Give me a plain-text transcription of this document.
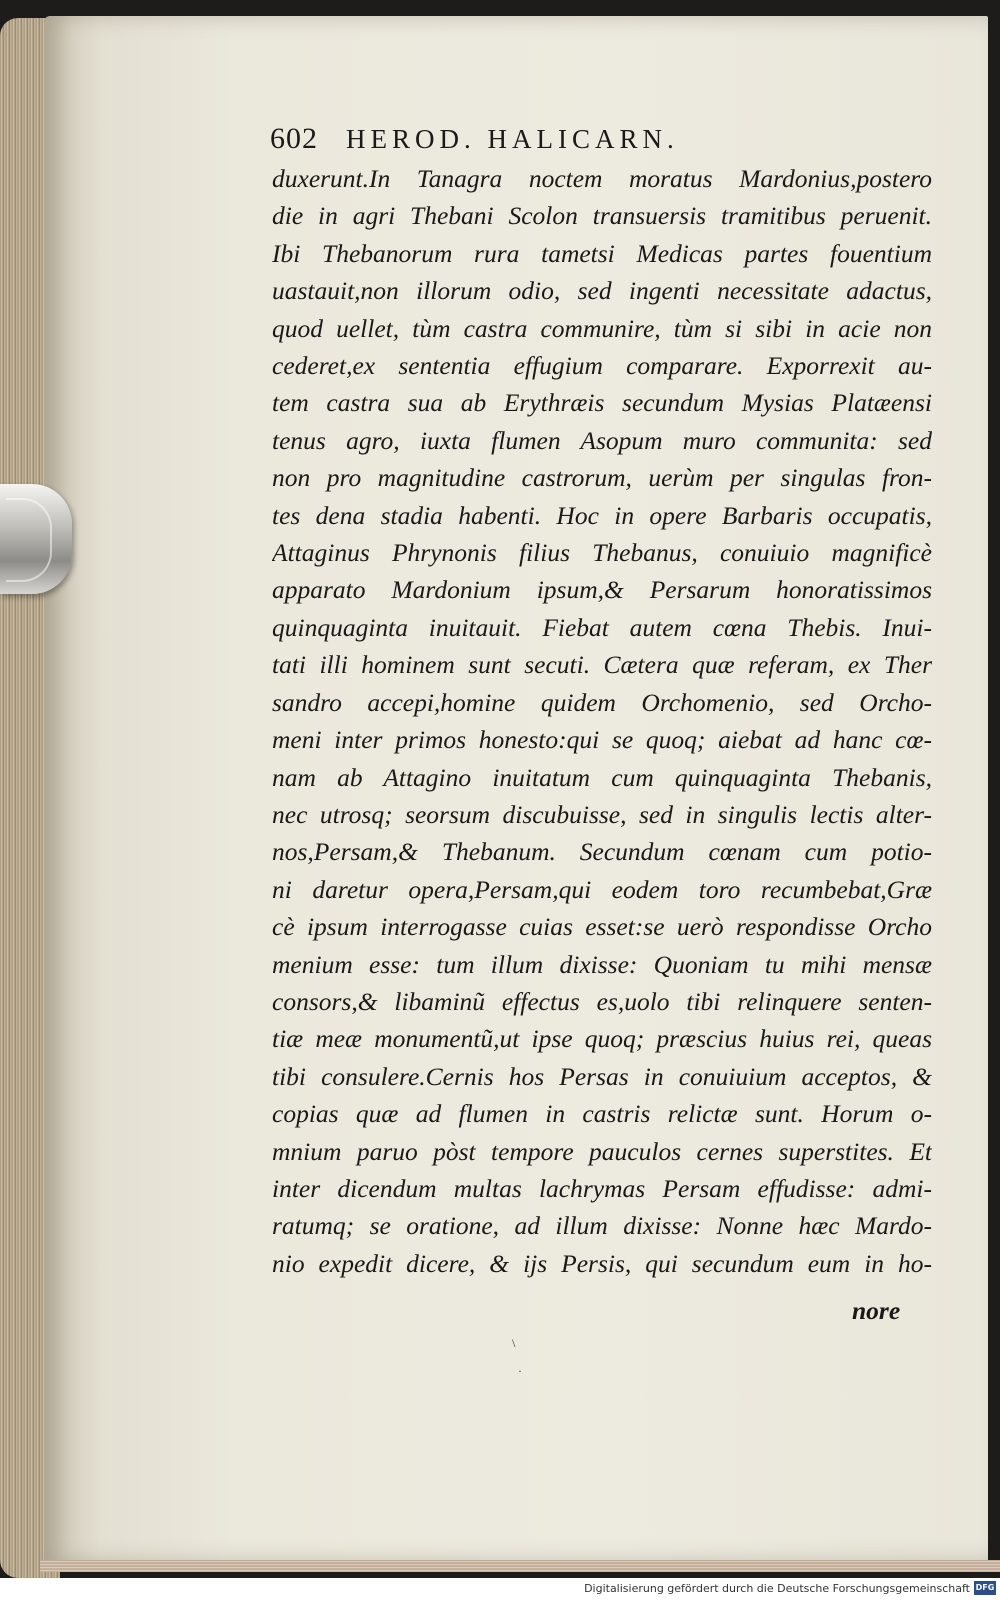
602 HEROD. HALICARN.
duxerunt.In Tanagra noctem moratus Mardonius,postero
die in agri Thebani Scolon transuersis tramitibus peruenit.
Ibi Thebanorum rura tametsi Medicas partes fouentium
uastauit,non illorum odio, sed ingenti necessitate adactus,
quod uellet, tùm castra communire, tùm si sibi in acie non
cederet,ex sententia effugium comparare. Exporrexit au-
tem castra sua ab Erythræis secundum Mysias Platæensi
tenus agro, iuxta flumen Asopum muro communita: sed
non pro magnitudine castrorum, uerùm per singulas fron-
tes dena stadia habenti. Hoc in opere Barbaris occupatis,
Attaginus Phrynonis filius Thebanus, conuiuio magnificè
apparato Mardonium ipsum,& Persarum honoratissimos
quinquaginta inuitauit. Fiebat autem cœna Thebis. Inui-
tati illi hominem sunt secuti. Cætera quæ referam, ex Ther
sandro accepi,homine quidem Orchomenio, sed Orcho-
meni inter primos honesto:qui se quoq; aiebat ad hanc cœ-
nam ab Attagino inuitatum cum quinquaginta Thebanis,
nec utrosq; seorsum discubuisse, sed in singulis lectis alter-
nos,Persam,& Thebanum. Secundum cœnam cum potio-
ni daretur opera,Persam,qui eodem toro recumbebat,Græ
cè ipsum interrogasse cuias esset:se uerò respondisse Orcho
menium esse: tum illum dixisse: Quoniam tu mihi mensæ
consors,& libaminũ effectus es,uolo tibi relinquere senten-
tiæ meæ monumentũ,ut ipse quoq; præscius huius rei, queas
tibi consulere.Cernis hos Persas in conuiuium acceptos, &
copias quæ ad flumen in castris relictæ sunt. Horum o-
mnium paruo pòst tempore pauculos cernes superstites. Et
inter dicendum multas lachrymas Persam effudisse: admi-
ratumq; se oratione, ad illum dixisse: Nonne hæc Mardo-
nio expedit dicere, & ijs Persis, qui secundum eum in ho-
nore
\
·
Digitalisierung gefördert durch die Deutsche Forschungsgemeinschaft DFG
